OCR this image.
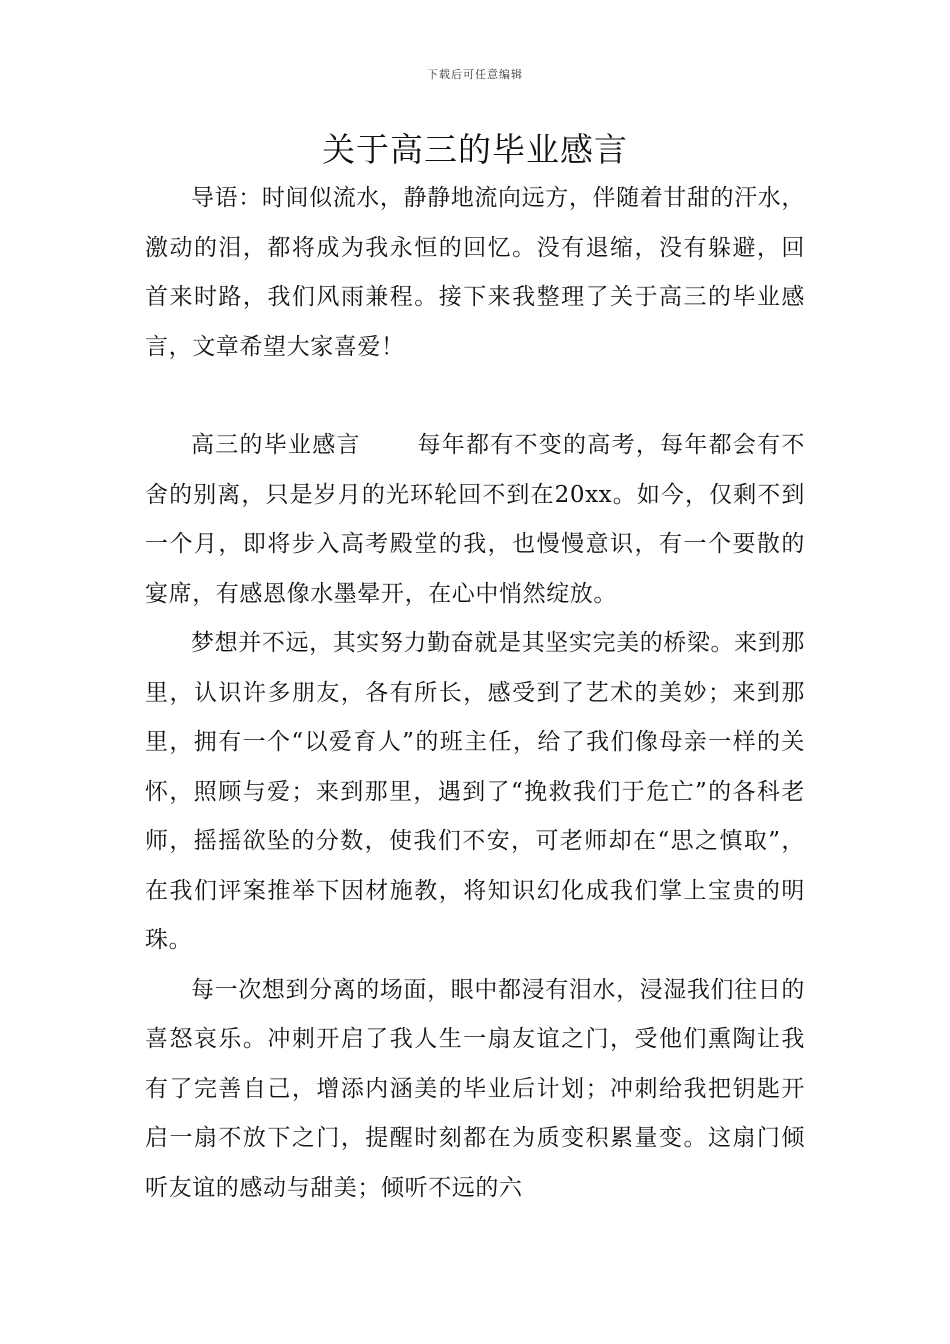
下载后可任意编辑
关于高三的毕业感言

导语：时间似流水，静静地流向远方，伴随着甘甜的汗水，激动的泪，都将成为我永恒的回忆。没有退缩，没有躲避，回首来时路，我们风雨兼程。接下来我整理了关于高三的毕业感言，文章希望大家喜爱！

高三的毕业感言 每年都有不变的高考，每年都会有不舍的别离，只是岁月的光环轮回不到在20xx。如今，仅剩不到一个月，即将步入高考殿堂的我，也慢慢意识，有一个要散的宴席，有感恩像水墨晕开，在心中悄然绽放。

梦想并不远，其实努力勤奋就是其坚实完美的桥梁。来到那里，认识许多朋友，各有所长，感受到了艺术的美妙；来到那里，拥有一个“以爱育人”的班主任，给了我们像母亲一样的关怀，照顾与爱；来到那里，遇到了“挽救我们于危亡”的各科老师，摇摇欲坠的分数，使我们不安，可老师却在“思之慎取”，在我们评案推举下因材施教，将知识幻化成我们掌上宝贵的明珠。

每一次想到分离的场面，眼中都浸有泪水，浸湿我们往日的喜怒哀乐。冲刺开启了我人生一扇友谊之门，受他们熏陶让我有了完善自己，增添内涵美的毕业后计划；冲刺给我把钥匙开启一扇不放下之门，提醒时刻都在为质变积累量变。这扇门倾听友谊的感动与甜美；倾听不远的六
